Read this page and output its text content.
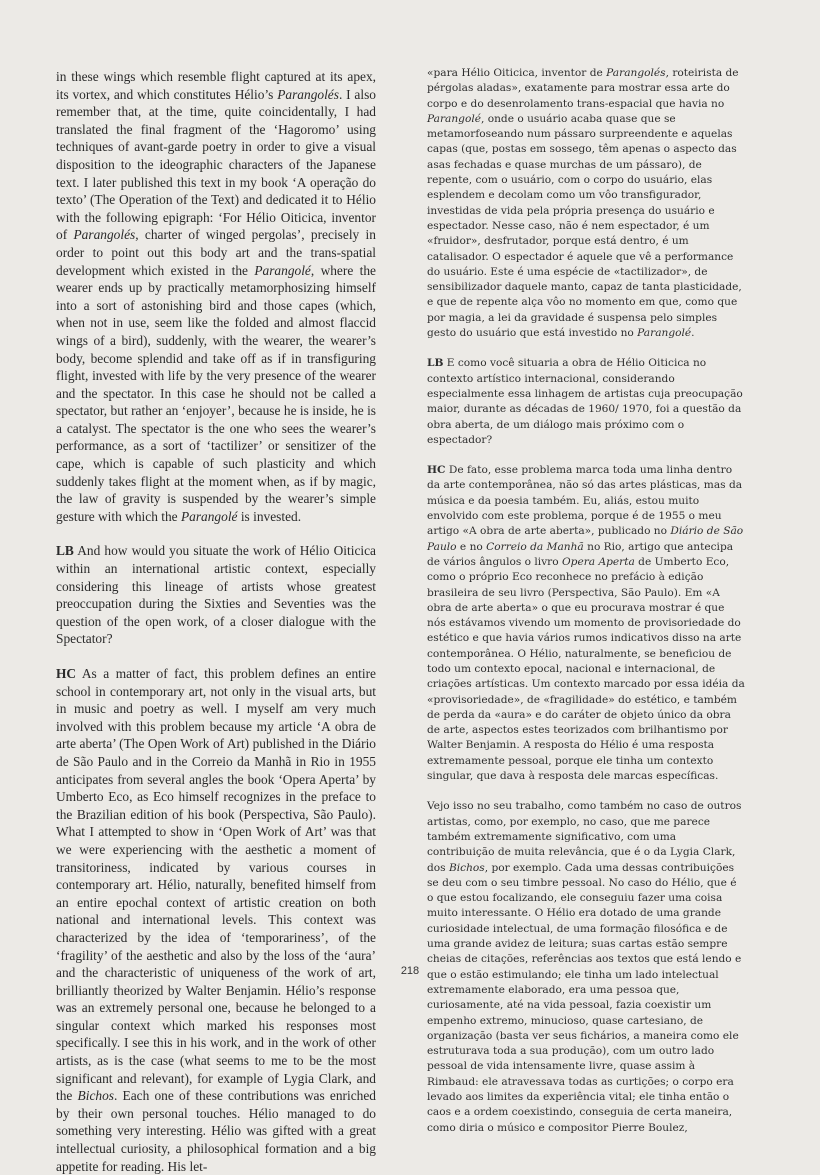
in these wings which resemble flight captured at its apex, its vortex, and which constitutes Hélio’s Parangolés. I also remember that, at the time, quite coincidentally, I had translated the final fragment of the ‘Hagoromo’ using techniques of avant-garde poetry in order to give a visual disposition to the ideographic characters of the Japanese text. I later published this text in my book ‘A operação do texto’ (The Operation of the Text) and dedicated it to Hélio with the following epigraph: ‘For Hélio Oiticica, inventor of Parangolés, charter of winged pergolas’, precisely in order to point out this body art and the trans-spatial development which existed in the Parangolé, where the wearer ends up by practically metamorphosizing himself into a sort of astonishing bird and those capes (which, when not in use, seem like the folded and almost flaccid wings of a bird), suddenly, with the wearer, the wearer’s body, become splendid and take off as if in transfiguring flight, invested with life by the very presence of the wearer and the spectator. In this case he should not be called a spectator, but rather an ‘enjoyer’, because he is inside, he is a catalyst. The spectator is the one who sees the wearer’s performance, as a sort of ‘tactilizer’ or sensitizer of the cape, which is capable of such plasticity and which suddenly takes flight at the moment when, as if by magic, the law of gravity is suspended by the wearer’s simple gesture with which the Parangolé is invested.

LB And how would you situate the work of Hélio Oiticica within an international artistic context, especially considering this lineage of artists whose greatest preoccupation during the Sixties and Seventies was the question of the open work, of a closer dialogue with the Spectator?

HC As a matter of fact, this problem defines an entire school in contemporary art, not only in the visual arts, but in music and poetry as well. I myself am very much involved with this problem because my article ‘A obra de arte aberta’ (The Open Work of Art) published in the Diário de São Paulo and in the Correio da Manhã in Rio in 1955 anticipates from several angles the book ‘Opera Aperta’ by Umberto Eco, as Eco himself recognizes in the preface to the Brazilian edition of his book (Perspectiva, São Paulo). What I attempted to show in ‘Open Work of Art’ was that we were experiencing with the aesthetic a moment of transitoriness, indicated by various courses in contemporary art. Hélio, naturally, benefited himself from an entire epochal context of artistic creation on both national and international levels. This context was characterized by the idea of ‘temporariness’, of the ‘fragility’ of the aesthetic and also by the loss of the ‘aura’ and the characteristic of uniqueness of the work of art, brilliantly theorized by Walter Benjamin. Hélio’s response was an extremely personal one, because he belonged to a singular context which marked his responses most specifically. I see this in his work, and in the work of other artists, as is the case (what seems to me to be the most significant and relevant), for example of Lygia Clark, and the Bichos. Each one of these contributions was enriched by their own personal touches. Hélio managed to do something very interesting. Hélio was gifted with a great intellectual curiosity, a philosophical formation and a big appetite for reading. His let-

«para Hélio Oiticica, inventor de Parangolés, roteirista de pérgolas aladas», exatamente para mostrar essa arte do corpo e do desenrolamento trans-espacial que havia no Parangolé, onde o usuário acaba quase que se metamorfoseando num pássaro surpreendente e aquelas capas (que, postas em sossego, têm apenas o aspecto das asas fechadas e quase murchas de um pássaro), de repente, com o usuário, com o corpo do usuário, elas esplendem e decolam como um vôo transfigurador, investidas de vida pela própria presença do usuário e espectador. Nesse caso, não é nem espectador, é um «fruidor», desfrutador, porque está dentro, é um catalisador. O espectador é aquele que vê a performance do usuário. Este é uma espécie de «tactilizador», de sensibilizador daquele manto, capaz de tanta plasticidade, e que de repente alça vôo no momento em que, como que por magia, a lei da gravidade é suspensa pelo simples gesto do usuário que está investido no Parangolé.

LB E como você situaria a obra de Hélio Oiticica no contexto artístico internacional, considerando especialmente essa linhagem de artistas cuja preocupação maior, durante as décadas de 1960/ 1970, foi a questão da obra aberta, de um diálogo mais próximo com o espectador?

HC De fato, esse problema marca toda uma linha dentro da arte contemporânea, não só das artes plásticas, mas da música e da poesia também. Eu, aliás, estou muito envolvido com este problema, porque é de 1955 o meu artigo «A obra de arte aberta», publicado no Diário de São Paulo e no Correio da Manhã no Rio, artigo que antecipa de vários ângulos o livro Opera Aperta de Umberto Eco, como o próprio Eco reconhece no prefácio à edição brasileira de seu livro (Perspectiva, São Paulo). Em «A obra de arte aberta» o que eu procurava mostrar é que nós estávamos vivendo um momento de provisoriedade do estético e que havia vários rumos indicativos disso na arte contemporânea. O Hélio, naturalmente, se beneficiou de todo um contexto epocal, nacional e internacional, de criações artísticas. Um contexto marcado por essa idéia da «provisoriedade», de «fragilidade» do estético, e também de perda da «aura» e do caráter de objeto único da obra de arte, aspectos estes teorizados com brilhantismo por Walter Benjamin. A resposta do Hélio é uma resposta extremamente pessoal, porque ele tinha um contexto singular, que dava à resposta dele marcas específicas.

Vejo isso no seu trabalho, como também no caso de outros artistas, como, por exemplo, no caso, que me parece também extremamente significativo, com uma contribuição de muita relevância, que é o da Lygia Clark, dos Bichos, por exemplo. Cada uma dessas contribuições se deu com o seu timbre pessoal. No caso do Hélio, que é o que estou focalizando, ele conseguiu fazer uma coisa muito interessante. O Hélio era dotado de uma grande curiosidade intelectual, de uma formação filosófica e de uma grande avidez de leitura; suas cartas estão sempre cheias de citações, referências aos textos que está lendo e que o estão estimulando; ele tinha um lado intelectual extremamente elaborado, era uma pessoa que, curiosamente, até na vida pessoal, fazia coexistir um empenho extremo, minucioso, quase cartesiano, de organização (basta ver seus fichários, a maneira como ele estruturava toda a sua produção), com um outro lado pessoal de vida intensamente livre, quase assim à Rimbaud: ele atravessava todas as curtições; o corpo era levado aos limites da experiência vital; ele tinha então o caos e a ordem coexistindo, conseguia de certa maneira, como diria o músico e compositor Pierre Boulez,

218
